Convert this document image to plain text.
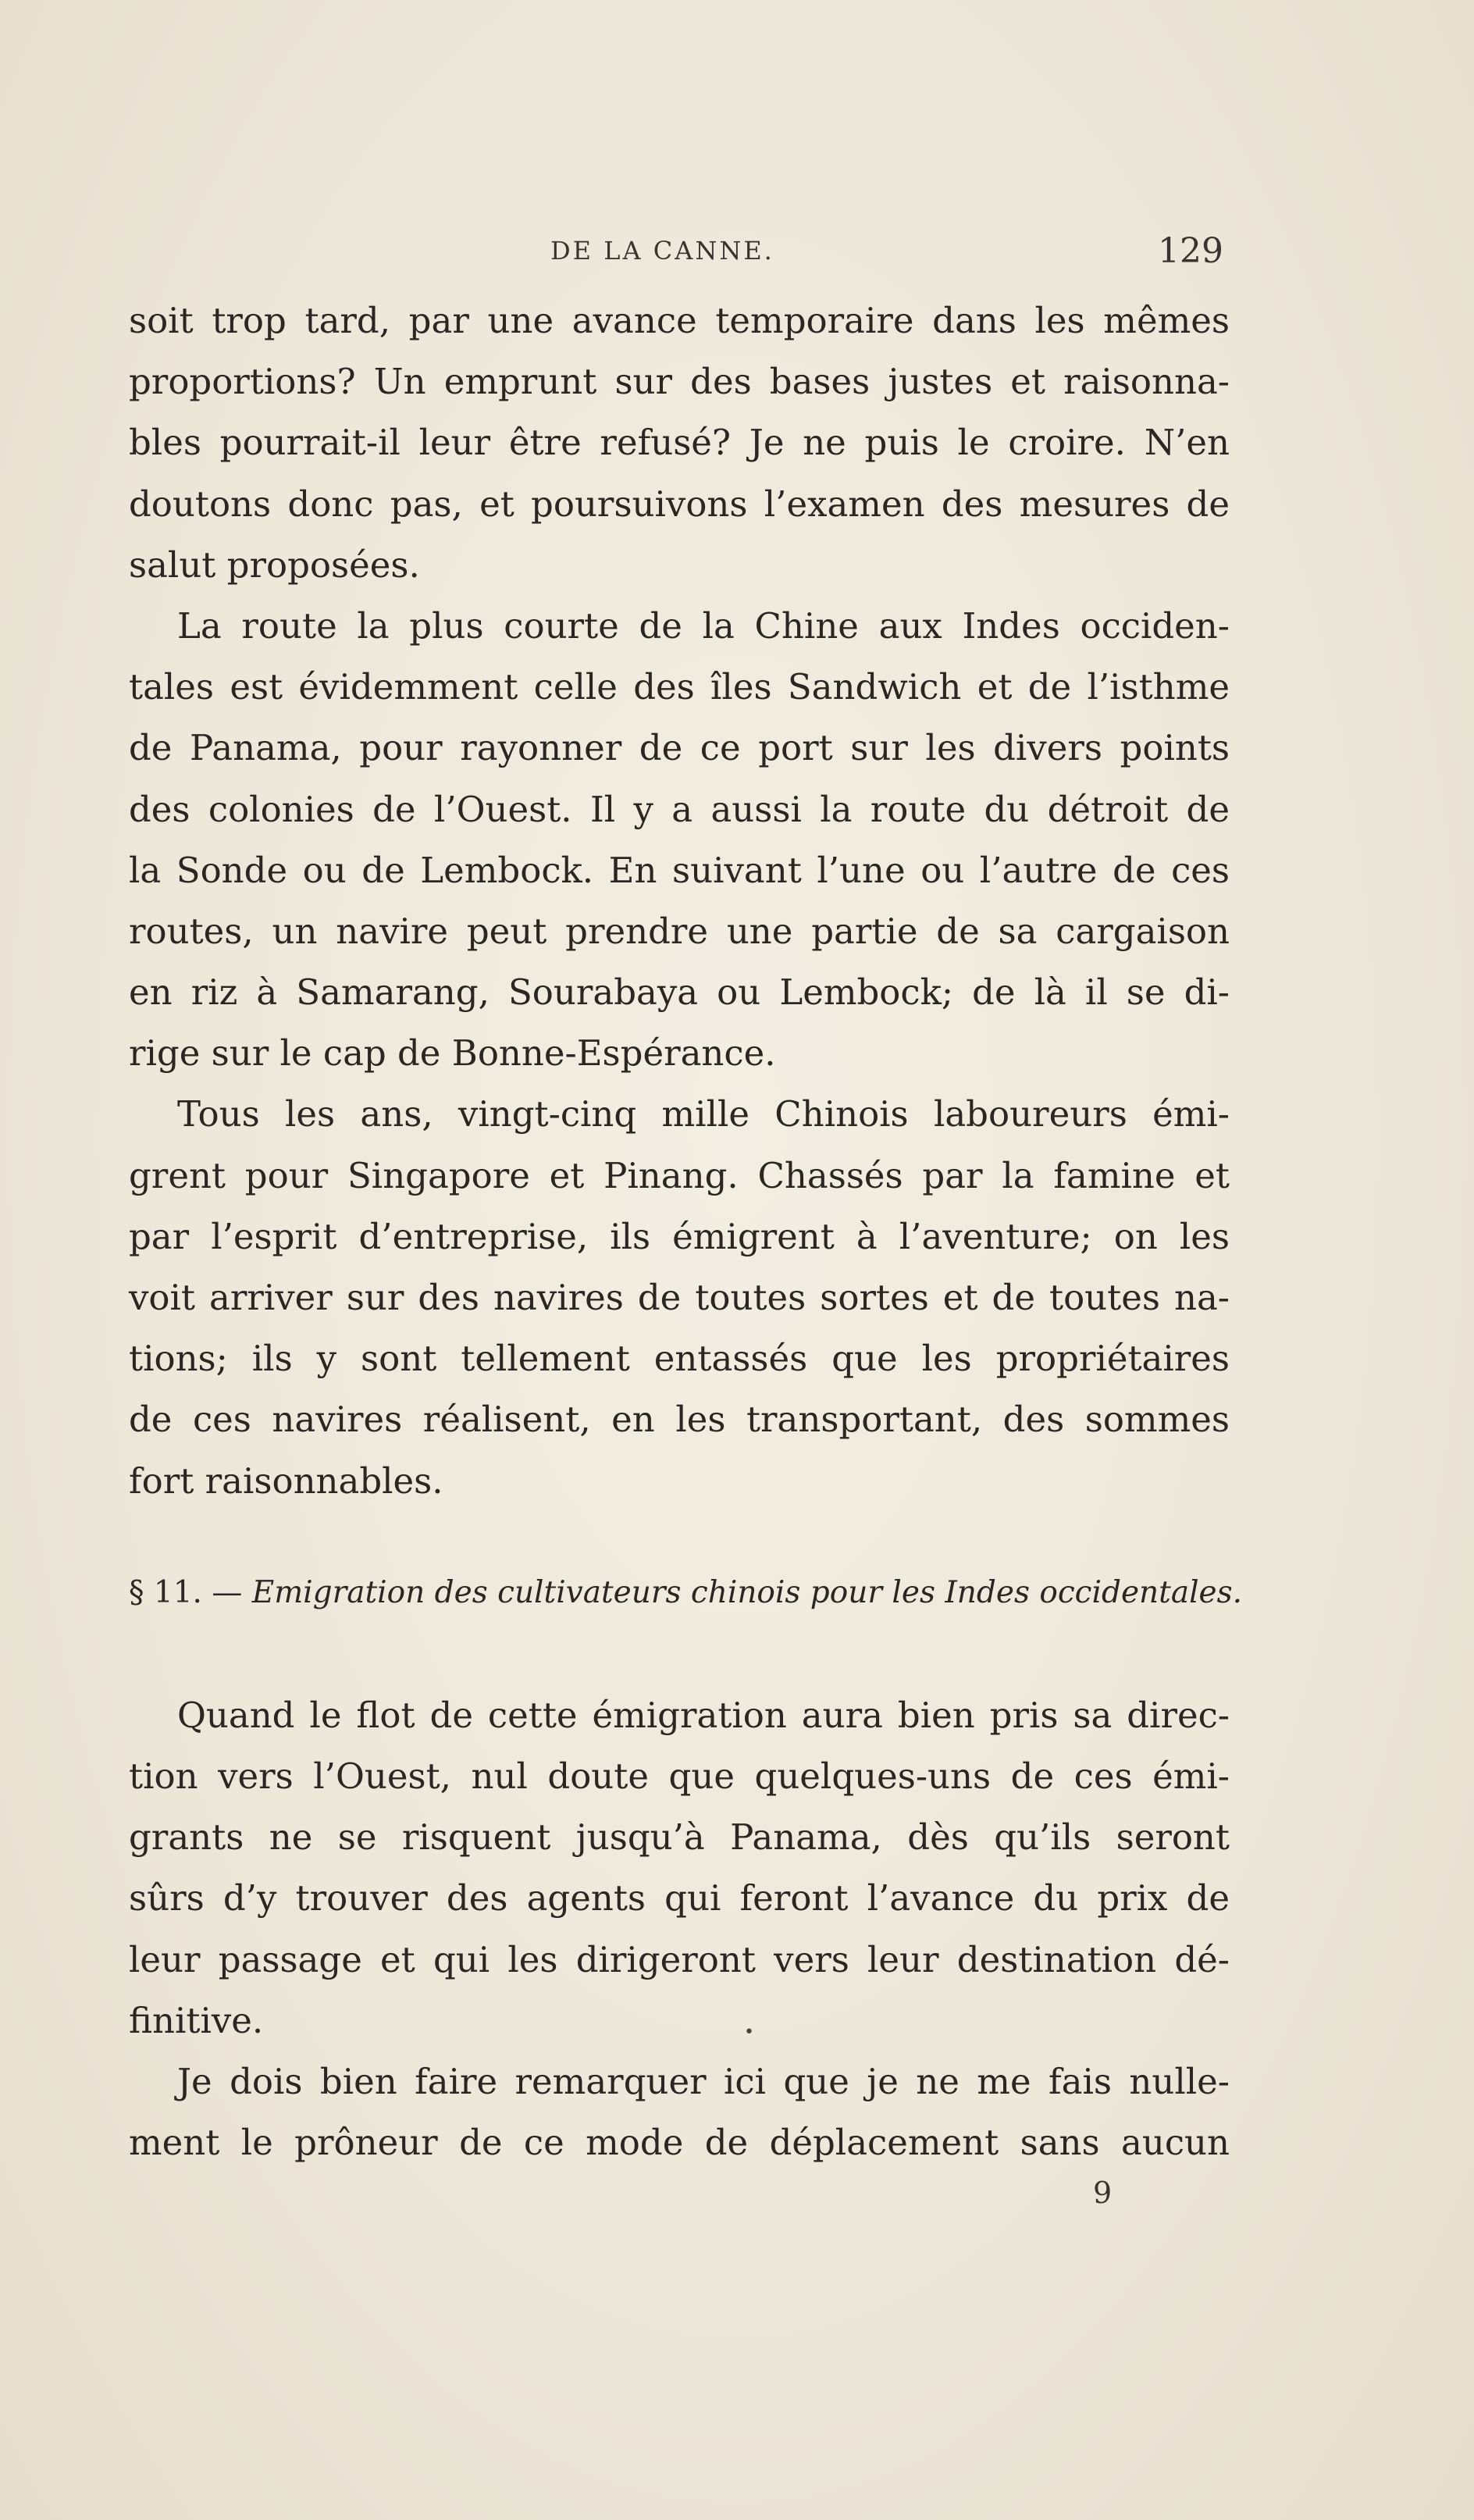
DE LA CANNE.	129
soit trop tard, par une avance temporaire dans les mêmes
proportions? Un emprunt sur des bases justes et raisonna-
bles pourrait-il leur être refusé? Je ne puis le croire. N’en
doutons donc pas, et poursuivons l’examen des mesures de
salut proposées.
La route la plus courte de la Chine aux Indes occiden-
tales est évidemment celle des îles Sandwich et de l’isthme
de Panama, pour rayonner de ce port sur les divers points
des colonies de l’Ouest. Il y a aussi la route du détroit de
la Sonde ou de Lembock. En suivant l’une ou l’autre de ces
routes, un navire peut prendre une partie de sa cargaison
en riz à Samarang, Sourabaya ou Lembock; de là il se di-
rige sur le cap de Bonne-Espérance.
Tous les ans, vingt-cinq mille Chinois laboureurs émi-
grent pour Singapore et Pinang. Chassés par la famine et
par l’esprit d’entreprise, ils émigrent à l’aventure; on les
voit arriver sur des navires de toutes sortes et de toutes na-
tions; ils y sont tellement entassés que les propriétaires
de ces navires réalisent, en les transportant, des sommes
fort raisonnables.
§ 11. — Emigration des cultivateurs chinois pour les Indes occidentales.
Quand le flot de cette émigration aura bien pris sa direc-
tion vers l’Ouest, nul doute que quelques-uns de ces émi-
grants ne se risquent jusqu’à Panama, dès qu’ils seront
sûrs d’y trouver des agents qui feront l’avance du prix de
leur passage et qui les dirigeront vers leur destination dé-
finitive.
Je dois bien faire remarquer ici que je ne me fais nulle-
ment le prôneur de ce mode de déplacement sans aucun
•
9
